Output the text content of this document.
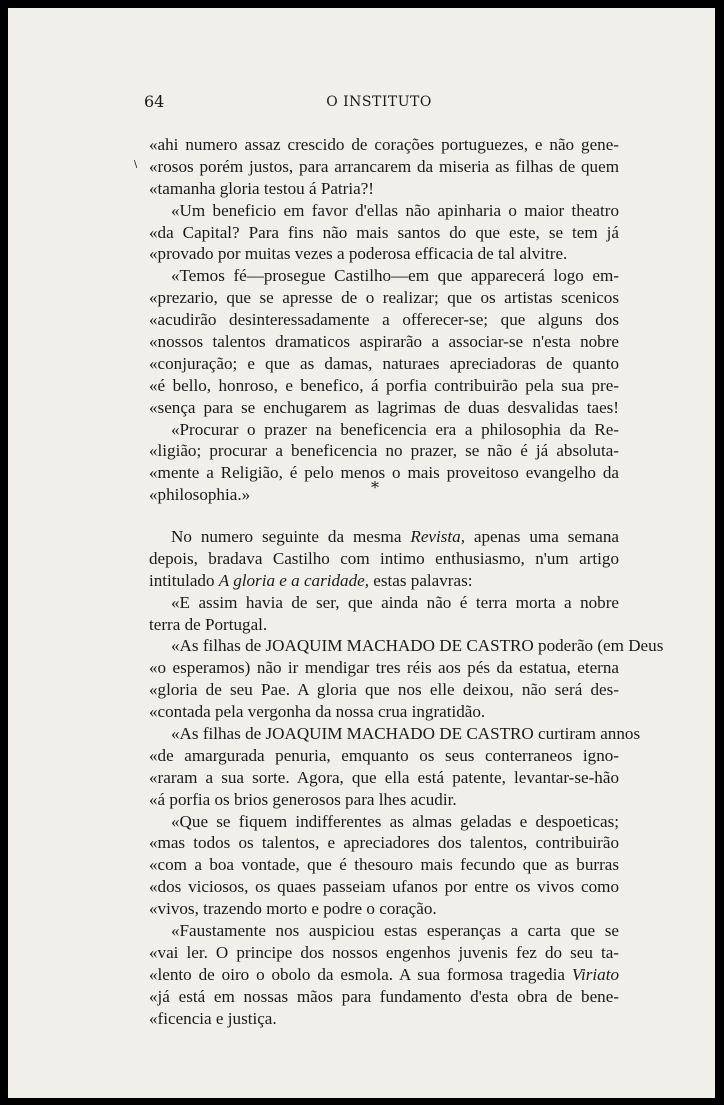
64	O INSTITUTO
∖
«ahi numero assaz crescido de corações portuguezes, e não gene-
«rosos porém justos, para arrancarem da miseria as filhas de quem
«tamanha gloria testou á Patria?!
«Um beneficio em favor d'ellas não apinharia o maior theatro
«da Capital? Para fins não mais santos do que este, se tem já
«provado por muitas vezes a poderosa efficacia de tal alvitre.
«Temos fé—prosegue Castilho—em que apparecerá logo em-
«prezario, que se apresse de o realizar; que os artistas scenicos
«acudirão desinteressadamente a offerecer-se; que alguns dos
«nossos talentos dramaticos aspirarão a associar-se n'esta nobre
«conjuração; e que as damas, naturaes apreciadoras de quanto
«é bello, honroso, e benefico, á porfia contribuirão pela sua pre-
«sença para se enchugarem as lagrimas de duas desvalidas taes!
«Procurar o prazer na beneficencia era a philosophia da Re-
«ligião; procurar a beneficencia no prazer, se não é já absoluta-
«mente a Religião, é pelo menos o mais proveitoso evangelho da
«philosophia.»	*
No numero seguinte da mesma Revista, apenas uma semana
depois, bradava Castilho com intimo enthusiasmo, n'um artigo
intitulado A gloria e a caridade, estas palavras:
«E assim havia de ser, que ainda não é terra morta a nobre
terra de Portugal.
«As filhas de JOAQUIM MACHADO DE CASTRO poderão (em Deus
«o esperamos) não ir mendigar tres réis aos pés da estatua, eterna
«gloria de seu Pae. A gloria que nos elle deixou, não será des-
«contada pela vergonha da nossa crua ingratidão.
«As filhas de JOAQUIM MACHADO DE CASTRO curtiram annos
«de amargurada penuria, emquanto os seus conterraneos igno-
«raram a sua sorte. Agora, que ella está patente, levantar-se-hão
«á porfia os brios generosos para lhes acudir.
«Que se fiquem indifferentes as almas geladas e despoeticas;
«mas todos os talentos, e apreciadores dos talentos, contribuirão
«com a boa vontade, que é thesouro mais fecundo que as burras
«dos viciosos, os quaes passeiam ufanos por entre os vivos como
«vivos, trazendo morto e podre o coração.
«Faustamente nos auspiciou estas esperanças a carta que se
«vai ler. O principe dos nossos engenhos juvenis fez do seu ta-
«lento de oiro o obolo da esmola. A sua formosa tragedia Viriato
«já está em nossas mãos para fundamento d'esta obra de bene-
«ficencia e justiça.
